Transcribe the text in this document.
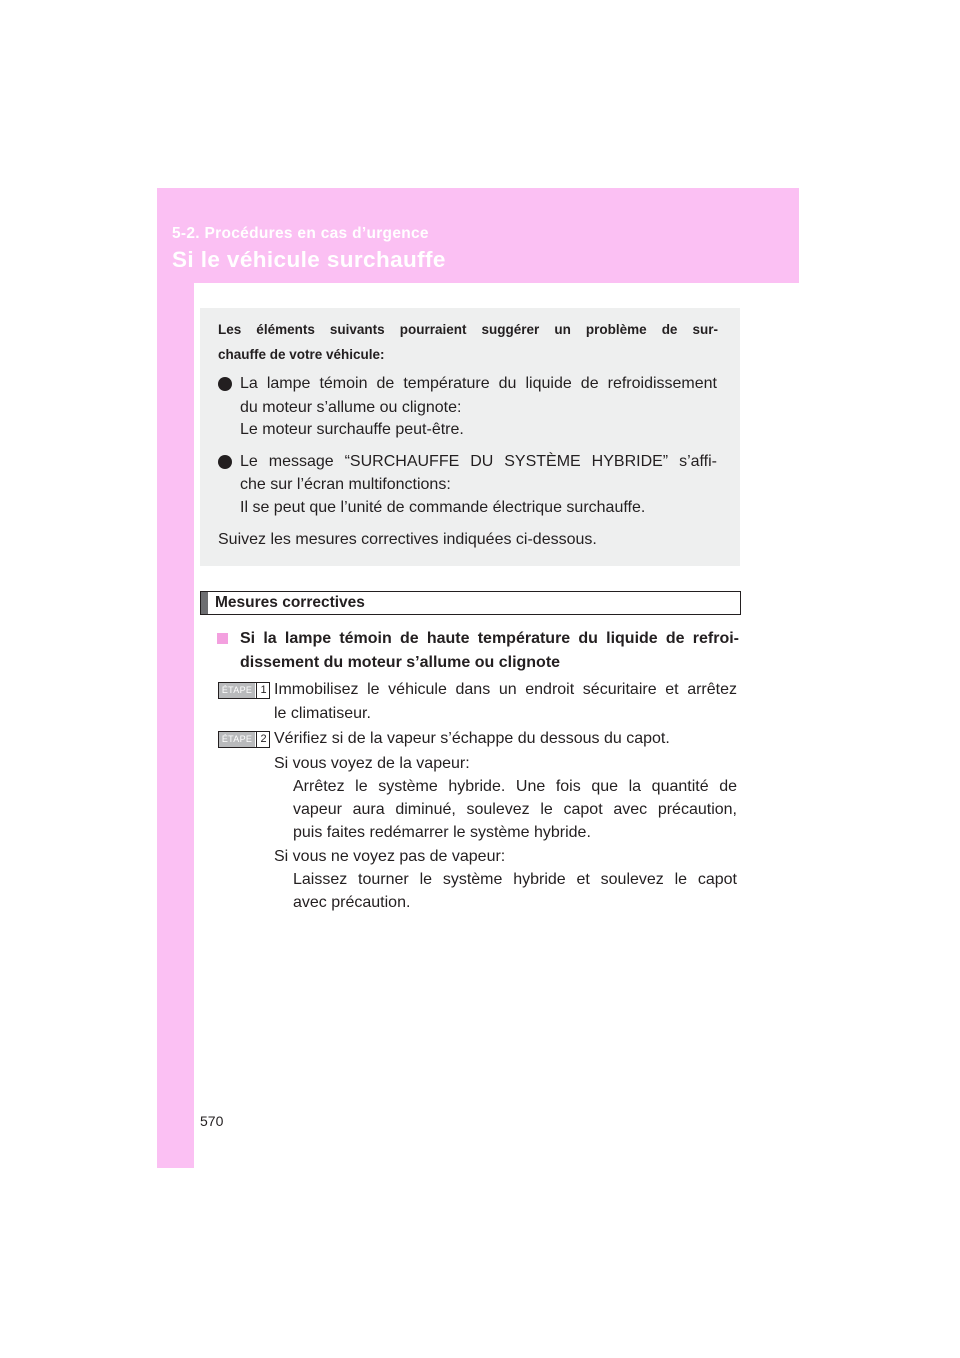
5-2. Procédures en cas d’urgence
Si le véhicule surchauffe
Les éléments suivants pourraient suggérer un problème de sur-
chauffe de votre véhicule:
La lampe témoin de température du liquide de refroidissement
du moteur s’allume ou clignote:
Le moteur surchauffe peut-être.
Le message “SURCHAUFFE DU SYSTÈME HYBRIDE” s’affi-
che sur l’écran multifonctions:
Il se peut que l’unité de commande électrique surchauffe.
Suivez les mesures correctives indiquées ci-dessous.
Mesures correctives
Si la lampe témoin de haute température du liquide de refroi-
dissement du moteur s’allume ou clignote
ÉTAPE 1 Immobilisez le véhicule dans un endroit sécuritaire et arrêtez
le climatiseur.
ÉTAPE 2 Vérifiez si de la vapeur s’échappe du dessous du capot.
Si vous voyez de la vapeur:
Arrêtez le système hybride. Une fois que la quantité de
vapeur aura diminué, soulevez le capot avec précaution,
puis faites redémarrer le système hybride.
Si vous ne voyez pas de vapeur:
Laissez tourner le système hybride et soulevez le capot
avec précaution.
570
